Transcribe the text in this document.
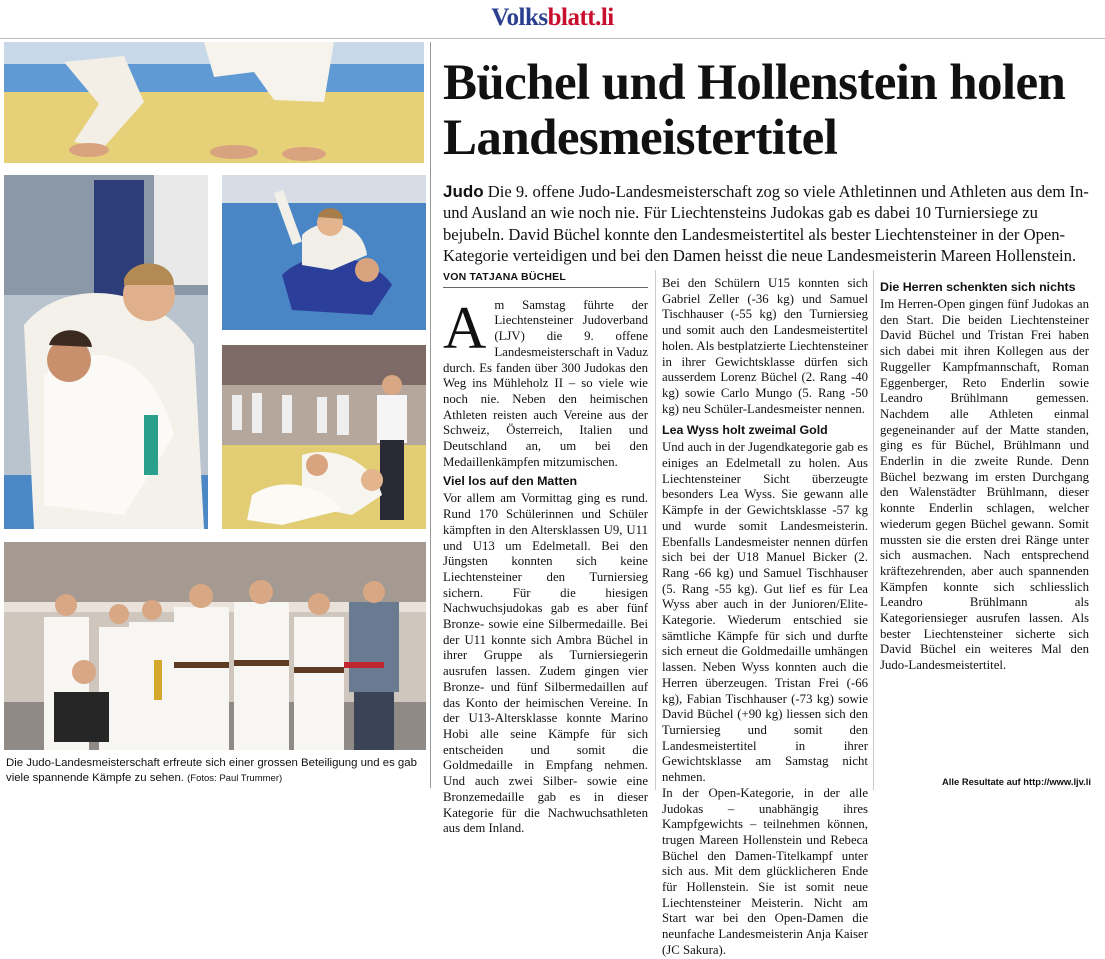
Volksblatt.li
Die Judo-Landesmeisterschaft erfreute sich einer grossen Beteiligung und es gab viele spannende Kämpfe zu sehen. (Fotos: Paul Trummer)
Büchel und Hollenstein holen Landesmeistertitel
Judo Die 9. offene Judo-Landesmeisterschaft zog so viele Athletinnen und Athleten aus dem In- und Ausland an wie noch nie. Für Liechtensteins Judokas gab es dabei 10 Turniersiege zu bejubeln. David Büchel konnte den Landesmeistertitel als bester Liechtensteiner in der Open-Kategorie verteidigen und bei den Damen heisst die neue Landesmeisterin Mareen Hollenstein.

VON TATJANA BÜCHEL

Am Samstag führte der Liechtensteiner Judoverband (LJV) die 9. offene Landesmeisterschaft in Vaduz durch. Es fanden über 300 Judokas den Weg ins Mühleholz II – so viele wie noch nie. Neben den heimischen Athleten reisten auch Vereine aus der Schweiz, Österreich, Italien und Deutschland an, um bei den Medaillenkämpfen mitzumischen.

Viel los auf den Matten

Vor allem am Vormittag ging es rund. Rund 170 Schülerinnen und Schüler kämpften in den Altersklassen U9, U11 und U13 um Edelmetall. Bei den Jüngsten konnten sich keine Liechtensteiner den Turniersieg sichern. Für die hiesigen Nachwuchsjudokas gab es aber fünf Bronze- sowie eine Silbermedaille. Bei der U11 konnte sich Ambra Büchel in ihrer Gruppe als Turniersiegerin ausrufen lassen. Zudem gingen vier Bronze- und fünf Silbermedaillen auf das Konto der heimischen Vereine. In der U13-Altersklasse konnte Marino Hobi alle seine Kämpfe für sich entscheiden und somit die Goldmedaille in Empfang nehmen. Und auch zwei Silber- sowie eine Bronzemedaille gab es in dieser Kategorie für die Nachwuchsathleten aus dem Inland.

Bei den Schülern U15 konnten sich Gabriel Zeller (-36 kg) und Samuel Tischhauser (-55 kg) den Turniersieg und somit auch den Landesmeistertitel holen. Als bestplatzierte Liechtensteiner in ihrer Gewichtsklasse dürfen sich ausserdem Lorenz Büchel (2. Rang -40 kg) sowie Carlo Mungo (5. Rang -50 kg) neu Schüler-Landesmeister nennen.

Lea Wyss holt zweimal Gold

Und auch in der Jugendkategorie gab es einiges an Edelmetall zu holen. Aus Liechtensteiner Sicht überzeugte besonders Lea Wyss. Sie gewann alle Kämpfe in der Gewichtsklasse -57 kg und wurde somit Landesmeisterin. Ebenfalls Landesmeister nennen dürfen sich bei der U18 Manuel Bicker (2. Rang -66 kg) und Samuel Tischhauser (5. Rang -55 kg). Gut lief es für Lea Wyss aber auch in der Junioren/Elite-Kategorie. Wiederum entschied sie sämtliche Kämpfe für sich und durfte sich erneut die Goldmedaille umhängen lassen. Neben Wyss konnten auch die Herren überzeugen. Tristan Frei (-66 kg), Fabian Tischhauser (-73 kg) sowie David Büchel (+90 kg) liessen sich den Turniersieg und somit den Landesmeistertitel in ihrer Gewichtsklasse am Samstag nicht nehmen.

In der Open-Kategorie, in der alle Judokas – unabhängig ihres Kampfgewichts – teilnehmen können, trugen Mareen Hollenstein und Rebeca Büchel den Damen-Titelkampf unter sich aus. Mit dem glücklicheren Ende für Hollenstein. Sie ist somit neue Liechtensteiner Meisterin. Nicht am Start war bei den Open-Damen die neunfache Landesmeisterin Anja Kaiser (JC Sakura).

Die Herren schenkten sich nichts

Im Herren-Open gingen fünf Judokas an den Start. Die beiden Liechtensteiner David Büchel und Tristan Frei haben sich dabei mit ihren Kollegen aus der Ruggeller Kampfmannschaft, Roman Eggenberger, Reto Enderlin sowie Leandro Brühlmann gemessen. Nachdem alle Athleten einmal gegeneinander auf der Matte standen, ging es für Büchel, Brühlmann und Enderlin in die zweite Runde. Denn Büchel bezwang im ersten Durchgang den Walenstädter Brühlmann, dieser konnte Enderlin schlagen, welcher wiederum gegen Büchel gewann. Somit mussten sie die ersten drei Ränge unter sich ausmachen. Nach entsprechend kräftezehrenden, aber auch spannenden Kämpfen konnte sich schliesslich Leandro Brühlmann als Kategoriensieger ausrufen lassen. Als bester Liechtensteiner sicherte sich David Büchel ein weiteres Mal den Judo-Landesmeistertitel.

Alle Resultate auf http://www.ljv.li
